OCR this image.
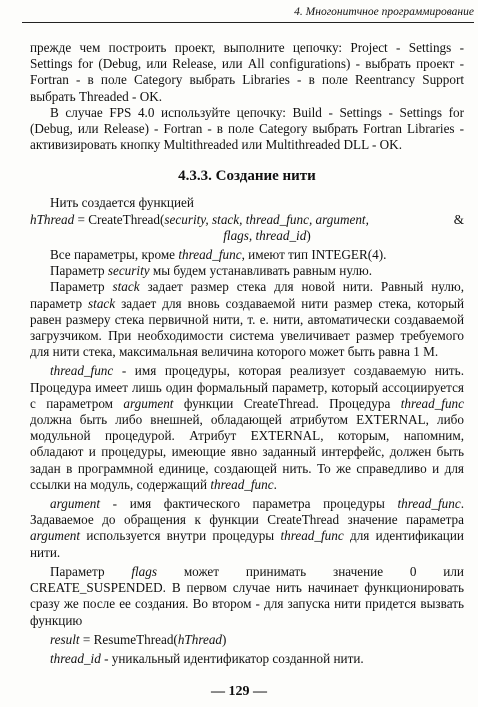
4. Многонитчное программирование

прежде чем построить проект, выполните цепочку: Project - Settings - Settings for (Debug, или Release, или All configurations) - выбрать проект - Fortran - в поле Category выбрать Libraries - в поле Reentrancy Support выбрать Threaded - OK.

В случае FPS 4.0 используйте цепочку: Build - Settings - Settings for (Debug, или Release) - Fortran - в поле Category выбрать Fortran Libraries - активизировать кнопку Multithreaded или Multithreaded DLL - OK.

4.3.3. Создание нити

Нить создается функцией

hThread = CreateThread(security, stack, thread_func, argument,	&
flags, thread_id)

Все параметры, кроме thread_func, имеют тип INTEGER(4).

Параметр security мы будем устанавливать равным нулю.

Параметр stack задает размер стека для новой нити. Равный нулю, параметр stack задает для вновь создаваемой нити размер стека, который равен размеру стека первичной нити, т. е. нити, автоматически создаваемой загрузчиком. При необходимости система увеличивает размер требуемого для нити стека, максимальная величина которого может быть равна 1 М.

thread_func - имя процедуры, которая реализует создаваемую нить. Процедура имеет лишь один формальный параметр, который ассоциируется с параметром argument функции CreateThread. Процедура thread_func должна быть либо внешней, обладающей атрибутом EXTERNAL, либо модульной процедурой. Атрибут EXTERNAL, которым, напомним, обладают и процедуры, имеющие явно заданный интерфейс, должен быть задан в программной единице, создающей нить. То же справедливо и для ссылки на модуль, содержащий thread_func.

argument - имя фактического параметра процедуры thread_func. Задаваемое до обращения к функции CreateThread значение параметра argument используется внутри процедуры thread_func для идентификации нити.

Параметр flags может принимать значение 0 или

CREATE_SUSPENDED. В первом случае нить начинает функционировать сразу же после ее создания. Во втором - для запуска нити придется вызвать функцию

result = ResumeThread(hThread)

thread_id - уникальный идентификатор созданной нити.

— 129 —
